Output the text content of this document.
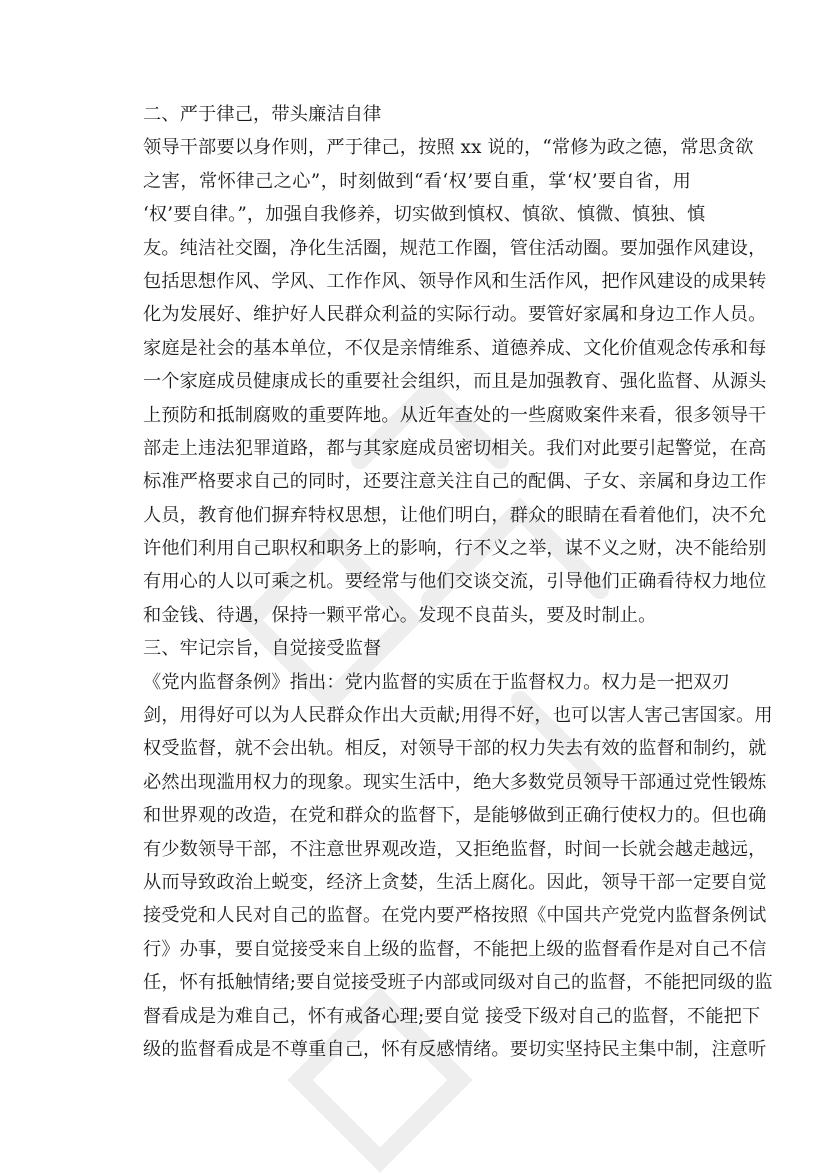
二、严于律己，带头廉洁自律
领导干部要以身作则，严于律己，按照 xx 说的，“常修为政之德，常思贪欲
之害，常怀律己之心”，时刻做到“看‘权’要自重，掌‘权’要自省，用
‘权’要自律。”，加强自我修养，切实做到慎权、慎欲、慎微、慎独、慎
友。纯洁社交圈，净化生活圈，规范工作圈，管住活动圈。要加强作风建设，
包括思想作风、学风、工作作风、领导作风和生活作风，把作风建设的成果转
化为发展好、维护好人民群众利益的实际行动。要管好家属和身边工作人员。
家庭是社会的基本单位，不仅是亲情维系、道德养成、文化价值观念传承和每
一个家庭成员健康成长的重要社会组织，而且是加强教育、强化监督、从源头
上预防和抵制腐败的重要阵地。从近年查处的一些腐败案件来看，很多领导干
部走上违法犯罪道路，都与其家庭成员密切相关。我们对此要引起警觉，在高
标准严格要求自己的同时，还要注意关注自己的配偶、子女、亲属和身边工作
人员，教育他们摒弃特权思想，让他们明白，群众的眼睛在看着他们，决不允
许他们利用自己职权和职务上的影响，行不义之举，谋不义之财，决不能给别
有用心的人以可乘之机。要经常与他们交谈交流，引导他们正确看待权力地位
和金钱、待遇，保持一颗平常心。发现不良苗头，要及时制止。
三、牢记宗旨，自觉接受监督
《党内监督条例》指出：党内监督的实质在于监督权力。权力是一把双刃
剑，用得好可以为人民群众作出大贡献;用得不好，也可以害人害己害国家。用
权受监督，就不会出轨。相反，对领导干部的权力失去有效的监督和制约，就
必然出现滥用权力的现象。现实生活中，绝大多数党员领导干部通过党性锻炼
和世界观的改造，在党和群众的监督下，是能够做到正确行使权力的。但也确
有少数领导干部，不注意世界观改造，又拒绝监督，时间一长就会越走越远，
从而导致政治上蜕变，经济上贪婪，生活上腐化。因此，领导干部一定要自觉
接受党和人民对自己的监督。在党内要严格按照《中国共产党党内监督条例试
行》办事，要自觉接受来自上级的监督，不能把上级的监督看作是对自己不信
任，怀有抵触情绪;要自觉接受班子内部或同级对自己的监督，不能把同级的监
督看成是为难自己，怀有戒备心理;要自觉 接受下级对自己的监督，不能把下
级的监督看成是不尊重自己，怀有反感情绪。要切实坚持民主集中制，注意听
